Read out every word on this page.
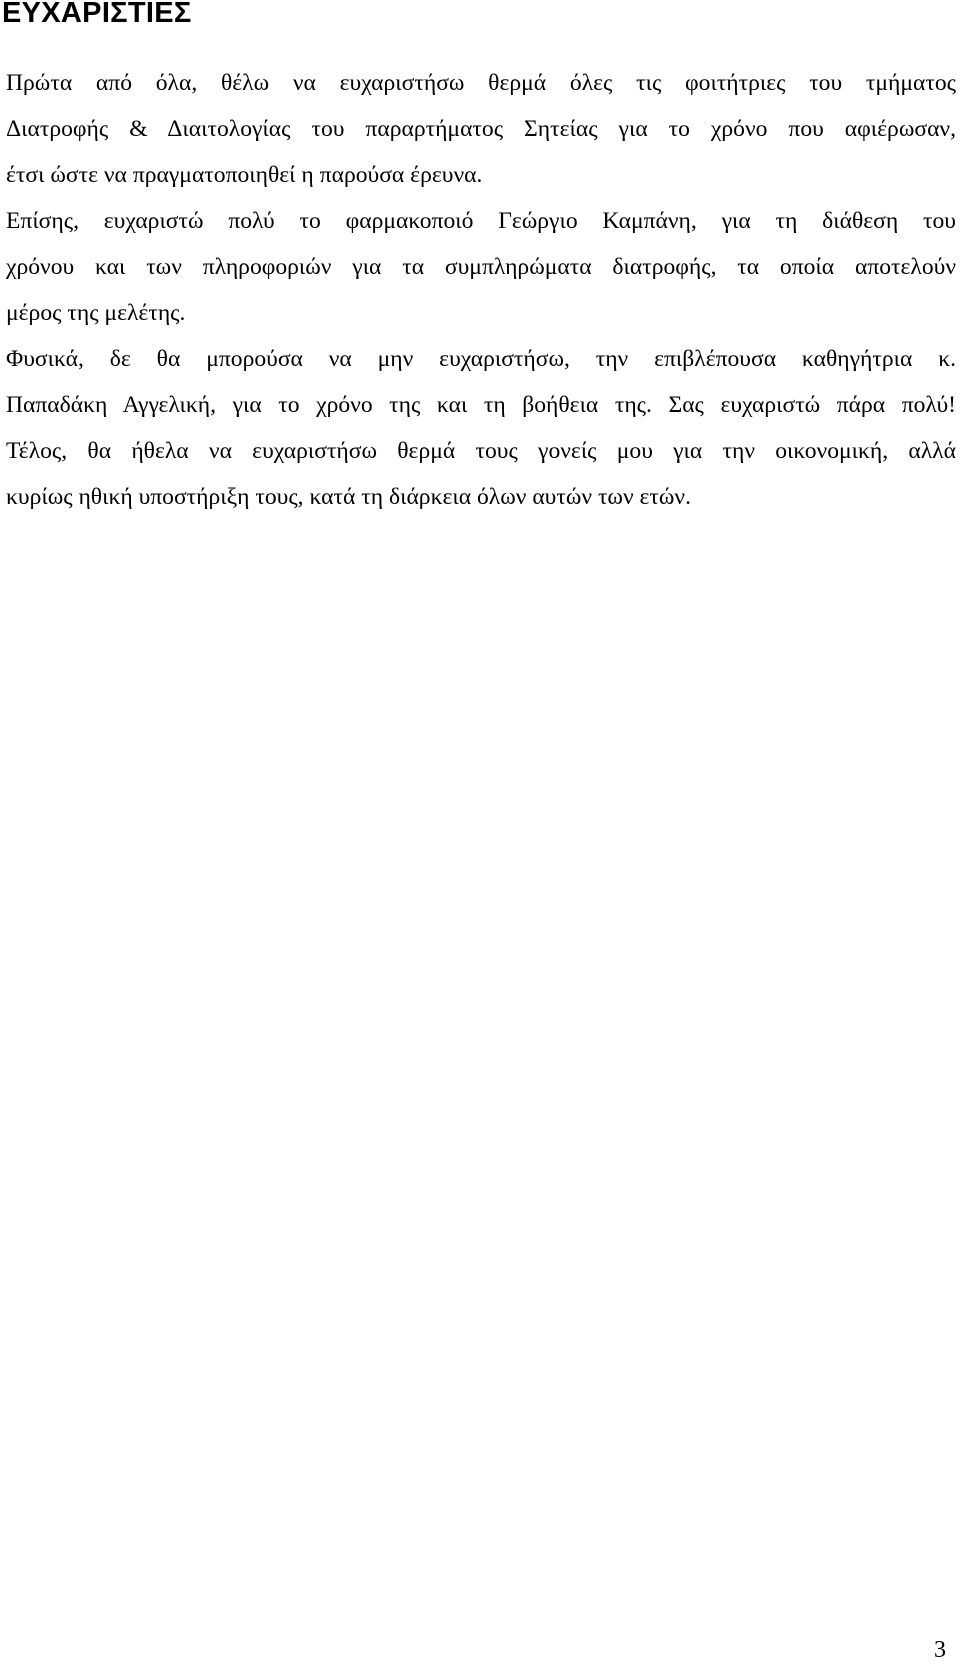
ΕΥΧΑΡΙΣΤΙΕΣ

Πρώτα από όλα, θέλω να ευχαριστήσω θερμά όλες τις φοιτήτριες του τμήματος
Διατροφής & Διαιτολογίας του παραρτήματος Σητείας για το χρόνο που αφιέρωσαν,
έτσι ώστε να πραγματοποιηθεί η παρούσα έρευνα.

Επίσης, ευχαριστώ πολύ το φαρμακοποιό Γεώργιο Καμπάνη, για τη διάθεση του
χρόνου και των πληροφοριών για τα συμπληρώματα διατροφής, τα οποία αποτελούν
μέρος της μελέτης.

Φυσικά, δε θα μπορούσα να μην ευχαριστήσω, την επιβλέπουσα καθηγήτρια κ.
Παπαδάκη Αγγελική, για το χρόνο της και τη βοήθεια της. Σας ευχαριστώ πάρα πολύ!

Τέλος, θα ήθελα να ευχαριστήσω θερμά τους γονείς μου για την οικονομική, αλλά
κυρίως ηθική υποστήριξη τους, κατά τη διάρκεια όλων αυτών των ετών.

3
